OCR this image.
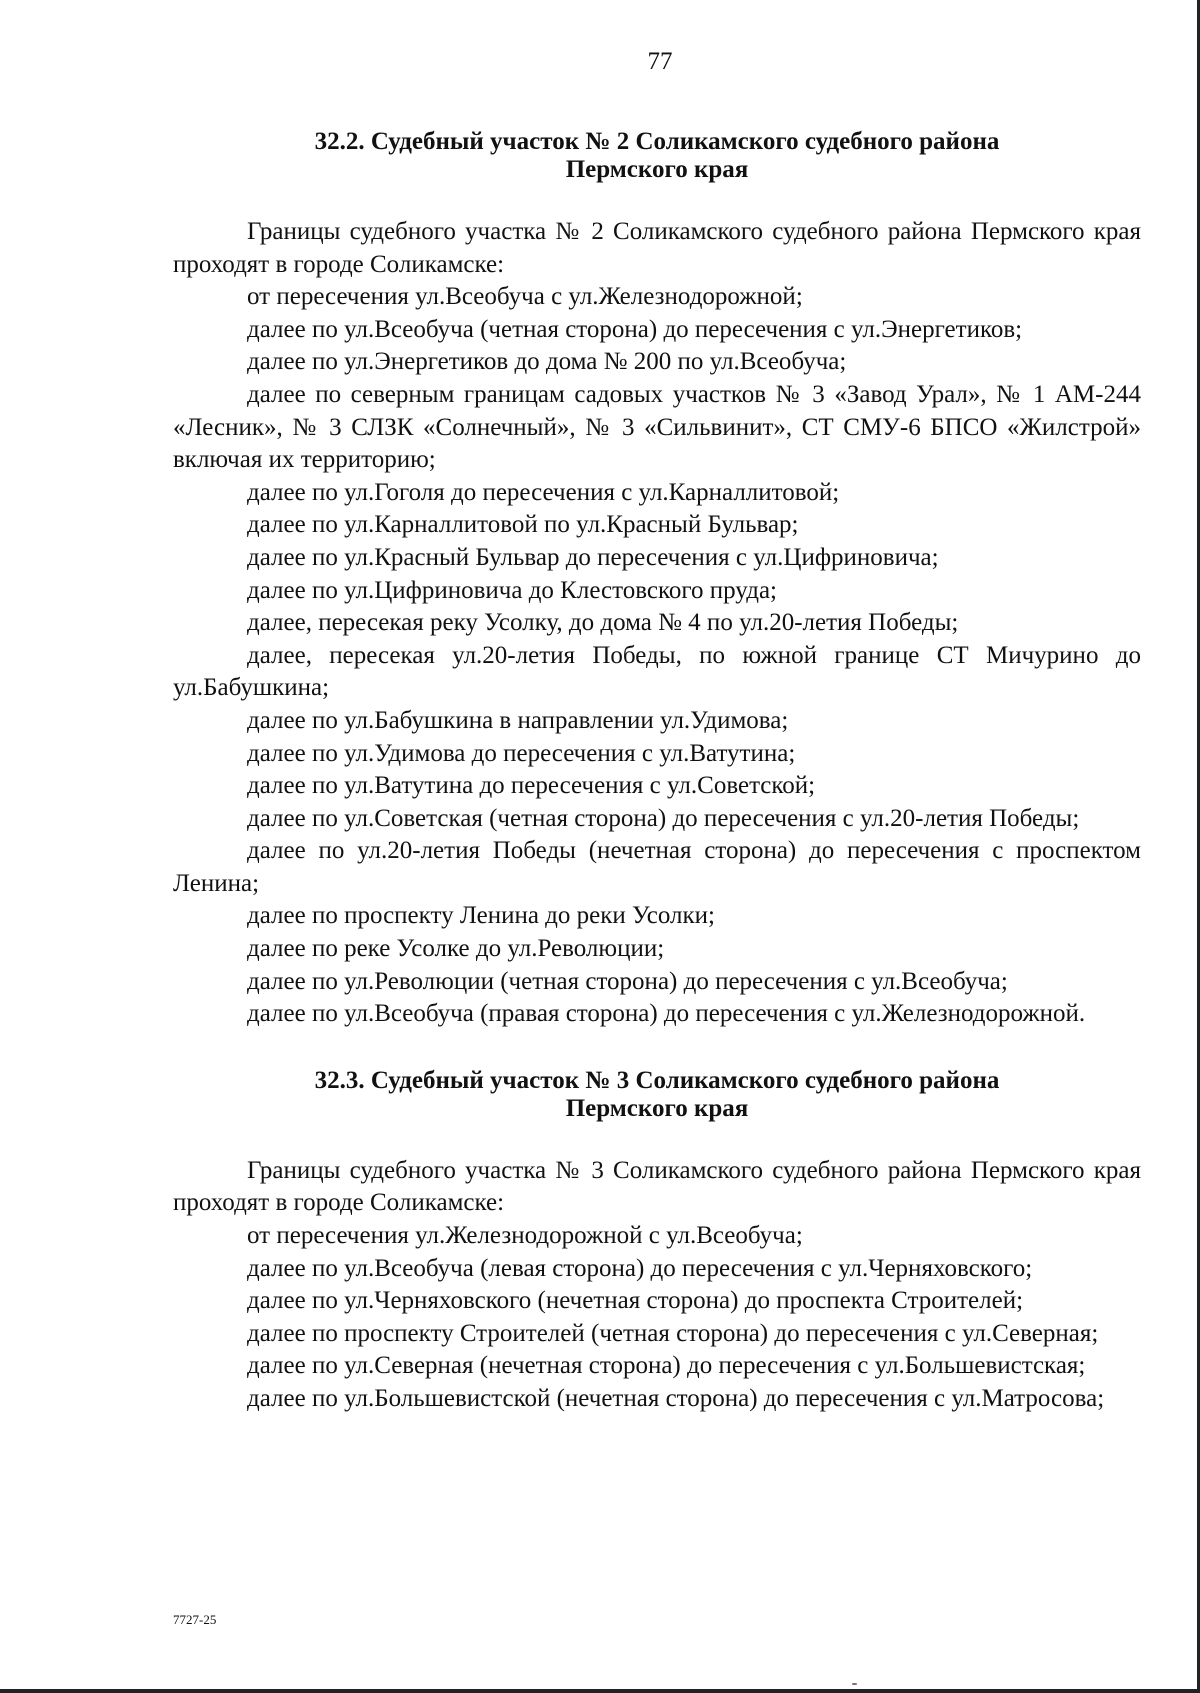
77
32.2. Судебный участок № 2 Соликамского судебного района
Пермского края

Границы судебного участка № 2 Соликамского судебного района Пермского края проходят в городе Соликамске:

от пересечения ул.Всеобуча с ул.Железнодорожной;

далее по ул.Всеобуча (четная сторона) до пересечения с ул.Энергетиков;

далее по ул.Энергетиков до дома № 200 по ул.Всеобуча;

далее по северным границам садовых участков № 3 «Завод Урал», № 1 АМ-244 «Лесник», № 3 СЛЗК «Солнечный», № 3 «Сильвинит», СТ СМУ-6 БПСО «Жилстрой» включая их территорию;

далее по ул.Гоголя до пересечения с ул.Карналлитовой;

далее по ул.Карналлитовой по ул.Красный Бульвар;

далее по ул.Красный Бульвар до пересечения с ул.Цифриновича;

далее по ул.Цифриновича до Клестовского пруда;

далее, пересекая реку Усолку, до дома № 4 по ул.20-летия Победы;

далее, пересекая ул.20-летия Победы, по южной границе СТ Мичурино до ул.Бабушкина;

далее по ул.Бабушкина в направлении ул.Удимова;

далее по ул.Удимова до пересечения с ул.Ватутина;

далее по ул.Ватутина до пересечения с ул.Советской;

далее по ул.Советская (четная сторона) до пересечения с ул.20-летия Победы;

далее по ул.20-летия Победы (нечетная сторона) до пересечения с проспектом Ленина;

далее по проспекту Ленина до реки Усолки;

далее по реке Усолке до ул.Революции;

далее по ул.Революции (четная сторона) до пересечения с ул.Всеобуча;

далее по ул.Всеобуча (правая сторона) до пересечения с ул.Железнодорожной.

32.3. Судебный участок № 3 Соликамского судебного района
Пермского края

Границы судебного участка № 3 Соликамского судебного района Пермского края проходят в городе Соликамске:

от пересечения ул.Железнодорожной с ул.Всеобуча;

далее по ул.Всеобуча (левая сторона) до пересечения с ул.Черняховского;

далее по ул.Черняховского (нечетная сторона) до проспекта Строителей;

далее по проспекту Строителей (четная сторона) до пересечения с ул.Северная;

далее по ул.Северная (нечетная сторона) до пересечения с ул.Большевистская;

далее по ул.Большевистской (нечетная сторона) до пересечения с ул.Матросова;

7727-25
